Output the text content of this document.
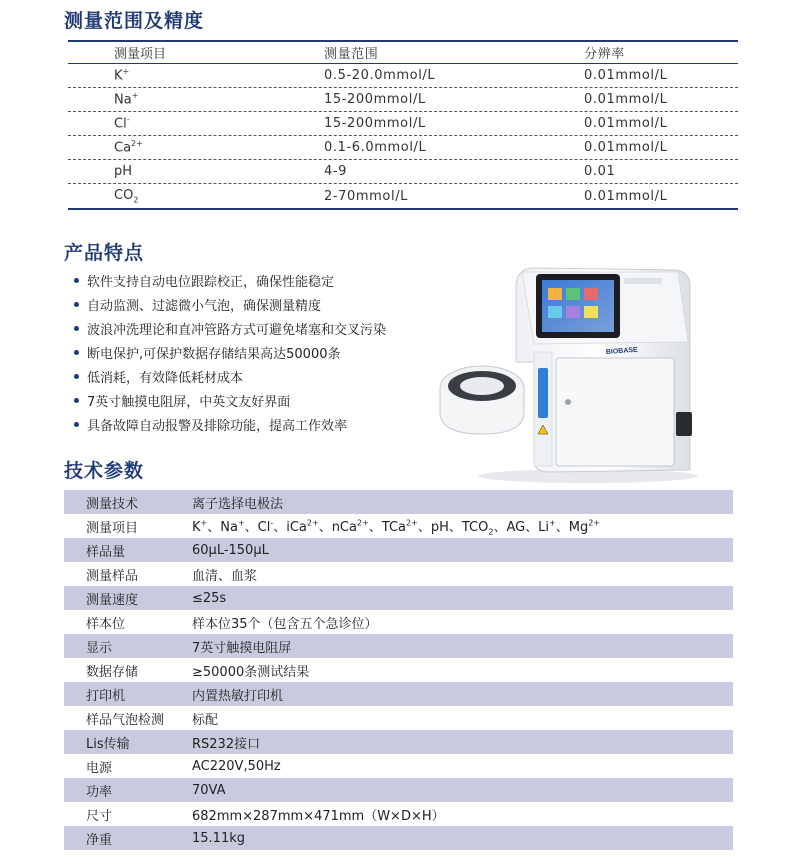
测量范围及精度
测量项目	测量范围	分辨率
K+	0.5-20.0mmol/L	0.01mmol/L
Na+	15-200mmol/L	0.01mmol/L
Cl-	15-200mmol/L	0.01mmol/L
$Ca^{2+}$	0.1-6.0mmol/L	0.01mmol/L
pH	4-9	0.01
$CO_2$	2-70mmol/L	0.01mmol/L
产品特点
软件支持自动电位跟踪校正，确保性能稳定
自动监测、过滤微小气泡，确保测量精度
波浪冲洗理论和直冲管路方式可避免堵塞和交叉污染
断电保护,可保护数据存储结果高达50000条
低消耗，有效降低耗材成本
7英寸触摸电阻屏，中英文友好界面
具备故障自动报警及排除功能，提高工作效率
BIOBASE
技术参数
测量技术	离子选择电极法
测量项目	K+、Na+、Cl-、iCa$^{2+}$、nCa$^{2+}$、TCa$^{2+}$、pH、$TCO_2$、AG、Li+、$Mg^{2+}$
样品量	60μL-150μL
测量样品	血清、血浆
测量速度	≤25s
样本位	样本位35个（包含五个急诊位）
显示	7英寸触摸电阻屏
数据存储	≥50000条测试结果
打印机	内置热敏打印机
样品气泡检测	标配
Lis传输	RS232接口
电源	AC220V,50Hz
功率	70VA
尺寸	682mm×287mm×471mm（W×D×H）
净重	15.11kg
